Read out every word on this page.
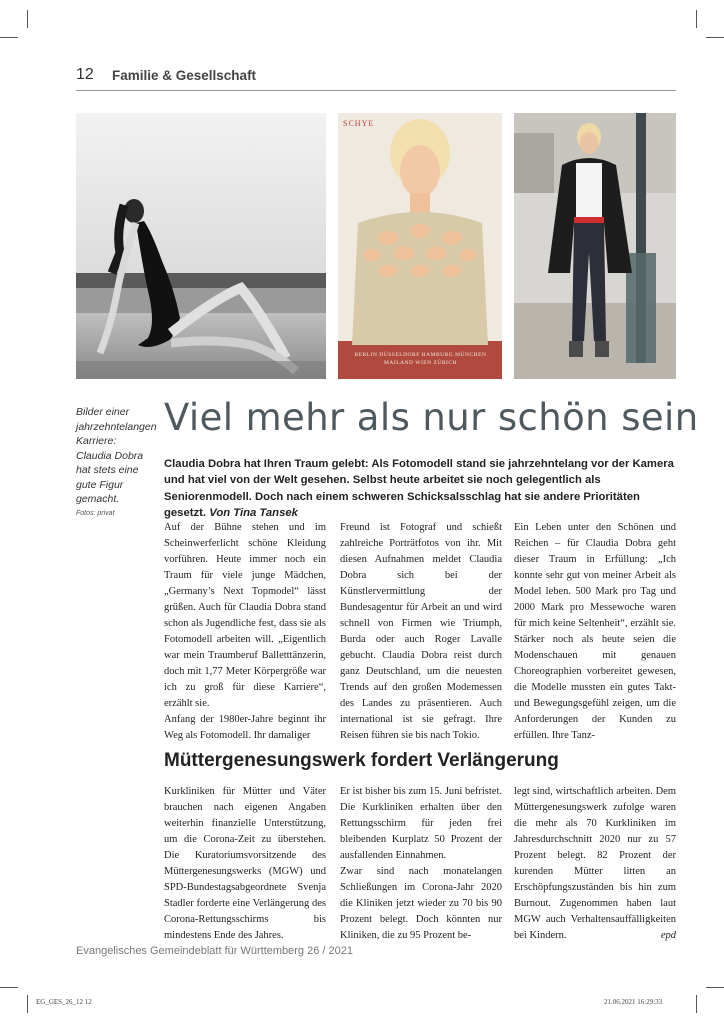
12 Familie & Gesellschaft
SCHYE
BERLIN DÜSSELDORF HAMBURG MÜNCHEN
MAILAND WIEN ZÜRICH
Bilder einer jahrzehntelangen Karriere: Claudia Dobra hat stets eine gute Figur gemacht.
Fotos: privat
Viel mehr als nur schön sein
Claudia Dobra hat Ihren Traum gelebt: Als Fotomodell stand sie jahrzehntelang vor der Kamera und hat viel von der Welt gesehen. Selbst heute arbeitet sie noch gelegentlich als Seniorenmodell. Doch nach einem schweren Schicksalsschlag hat sie andere Prioritäten gesetzt. Von Tina Tansek

Auf der Bühne stehen und im Scheinwerferlicht schöne Kleidung vorführen. Heute immer noch ein Traum für viele junge Mädchen, „Germany’s Next Topmodel“ lässt grüßen. Auch für Claudia Dobra stand schon als Jugendliche fest, dass sie als Fotomodell arbeiten will. „Eigentlich war mein Traumberuf Balletttänzerin, doch mit 1,77 Meter Körpergröße war ich zu groß für diese Karriere“, erzählt sie.

Anfang der 1980er-Jahre beginnt ihr Weg als Fotomodell. Ihr damaliger

Freund ist Fotograf und schießt zahlreiche Porträtfotos von ihr. Mit diesen Aufnahmen meldet Claudia Dobra sich bei der Künstlervermittlung der Bundesagentur für Arbeit an und wird schnell von Firmen wie Triumph, Burda oder auch Roger Lavalle gebucht. Claudia Dobra reist durch ganz Deutschland, um die neuesten Trends auf den großen Modemessen des Landes zu präsentieren. Auch international ist sie gefragt. Ihre Reisen führen sie bis nach Tokio.

Ein Leben unter den Schönen und Reichen – für Claudia Dobra geht dieser Traum in Erfüllung: „Ich konnte sehr gut von meiner Arbeit als Model leben. 500 Mark pro Tag und 2000 Mark pro Messewoche waren für mich keine Seltenheit“, erzählt sie. Stärker noch als heute seien die Modenschauen mit genauen Choreographien vorbereitet gewesen, die Modelle mussten ein gutes Takt- und Bewegungsgefühl zeigen, um die Anforderungen der Kunden zu erfüllen. Ihre Tanz-

Müttergenesungswerk fordert Verlängerung

Kurkliniken für Mütter und Väter brauchen nach eigenen Angaben weiterhin finanzielle Unterstützung, um die Corona-Zeit zu überstehen. Die Kuratoriumsvorsitzende des Müttergenesungswerks (MGW) und SPD-Bundestagsabgeordnete Svenja Stadler forderte eine Verlängerung des Corona-Rettungsschirms bis mindestens Ende des Jahres.

Er ist bisher bis zum 15. Juni befristet. Die Kurkliniken erhalten über den Rettungsschirm für jeden frei bleibenden Kurplatz 50 Prozent der ausfallenden Einnahmen.

Zwar sind nach monatelangen Schließungen im Corona-Jahr 2020 die Kliniken jetzt wieder zu 70 bis 90 Prozent belegt. Doch könnten nur Kliniken, die zu 95 Prozent be-

legt sind, wirtschaftlich arbeiten. Dem Müttergenesungswerk zufolge waren die mehr als 70 Kurkliniken im Jahresdurchschnitt 2020 nur zu 57 Prozent belegt. 82 Prozent der kurenden Mütter litten an Erschöpfungszuständen bis hin zum Burnout. Zugenommen haben laut MGW auch Verhaltensauffälligkeiten bei Kindern.	epd

Evangelisches Gemeindeblatt für Württemberg 26 / 2021
EG_GES_26_12 12	21.06.2021 16:29:33
